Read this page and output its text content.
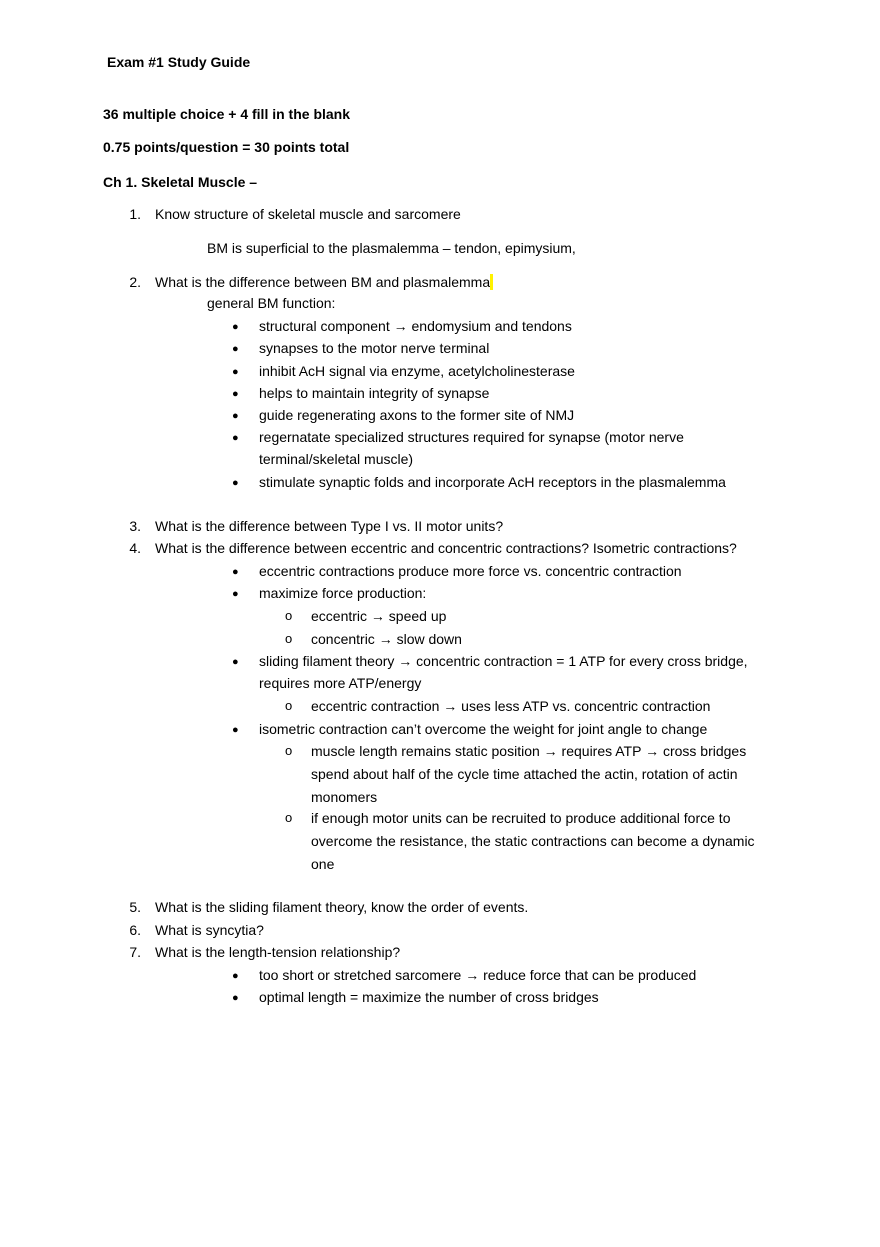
Exam #1 Study Guide
36 multiple choice + 4 fill in the blank
0.75 points/question = 30 points total
Ch 1. Skeletal Muscle –
1. Know structure of skeletal muscle and sarcomere
BM is superficial to the plasmalemma – tendon, epimysium,
2. What is the difference between BM and plasmalemma
general BM function:
● structural component → endomysium and tendons
● synapses to the motor nerve terminal
● inhibit AcH signal via enzyme, acetylcholinesterase
● helps to maintain integrity of synapse
● guide regenerating axons to the former site of NMJ
● regernatate specialized structures required for synapse (motor nerve
terminal/skeletal muscle)
● stimulate synaptic folds and incorporate AcH receptors in the plasmalemma
3. What is the difference between Type I vs. II motor units?
4. What is the difference between eccentric and concentric contractions? Isometric contractions?
● eccentric contractions produce more force vs. concentric contraction
● maximize force production:
o eccentric → speed up
o concentric → slow down
● sliding filament theory → concentric contraction = 1 ATP for every cross bridge,
requires more ATP/energy
o eccentric contraction → uses less ATP vs. concentric contraction
● isometric contraction can’t overcome the weight for joint angle to change
o muscle length remains static position → requires ATP → cross bridges
spend about half of the cycle time attached the actin, rotation of actin
monomers
o if enough motor units can be recruited to produce additional force to
overcome the resistance, the static contractions can become a dynamic
one
5. What is the sliding filament theory, know the order of events.
6. What is syncytia?
7. What is the length-tension relationship?
● too short or stretched sarcomere → reduce force that can be produced
● optimal length = maximize the number of cross bridges
